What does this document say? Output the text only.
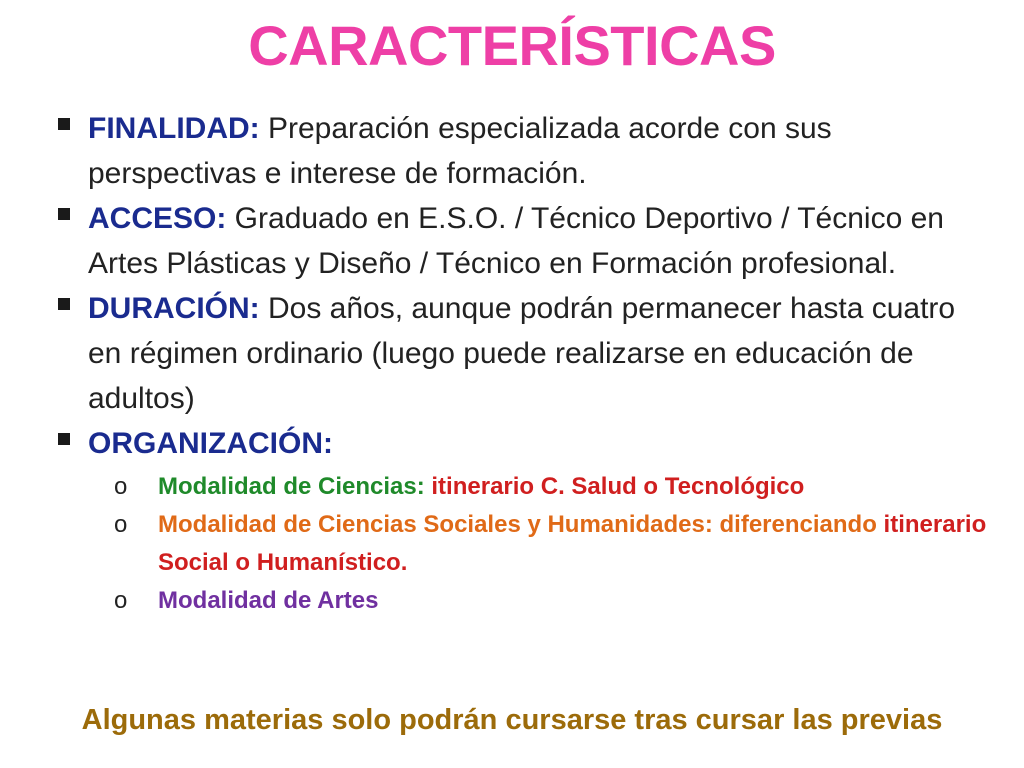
CARACTERÍSTICAS
FINALIDAD: Preparación especializada acorde con sus perspectivas e interese de formación.
ACCESO: Graduado en E.S.O. / Técnico Deportivo / Técnico en Artes Plásticas y Diseño / Técnico en Formación profesional.
DURACIÓN: Dos años, aunque podrán permanecer hasta cuatro en régimen ordinario (luego puede realizarse en educación de adultos)
ORGANIZACIÓN:
o Modalidad de Ciencias: itinerario C. Salud o Tecnológico
o Modalidad de Ciencias Sociales y Humanidades: diferenciando itinerario Social o Humanístico.
o Modalidad de Artes
Algunas materias solo podrán cursarse tras cursar las previas
